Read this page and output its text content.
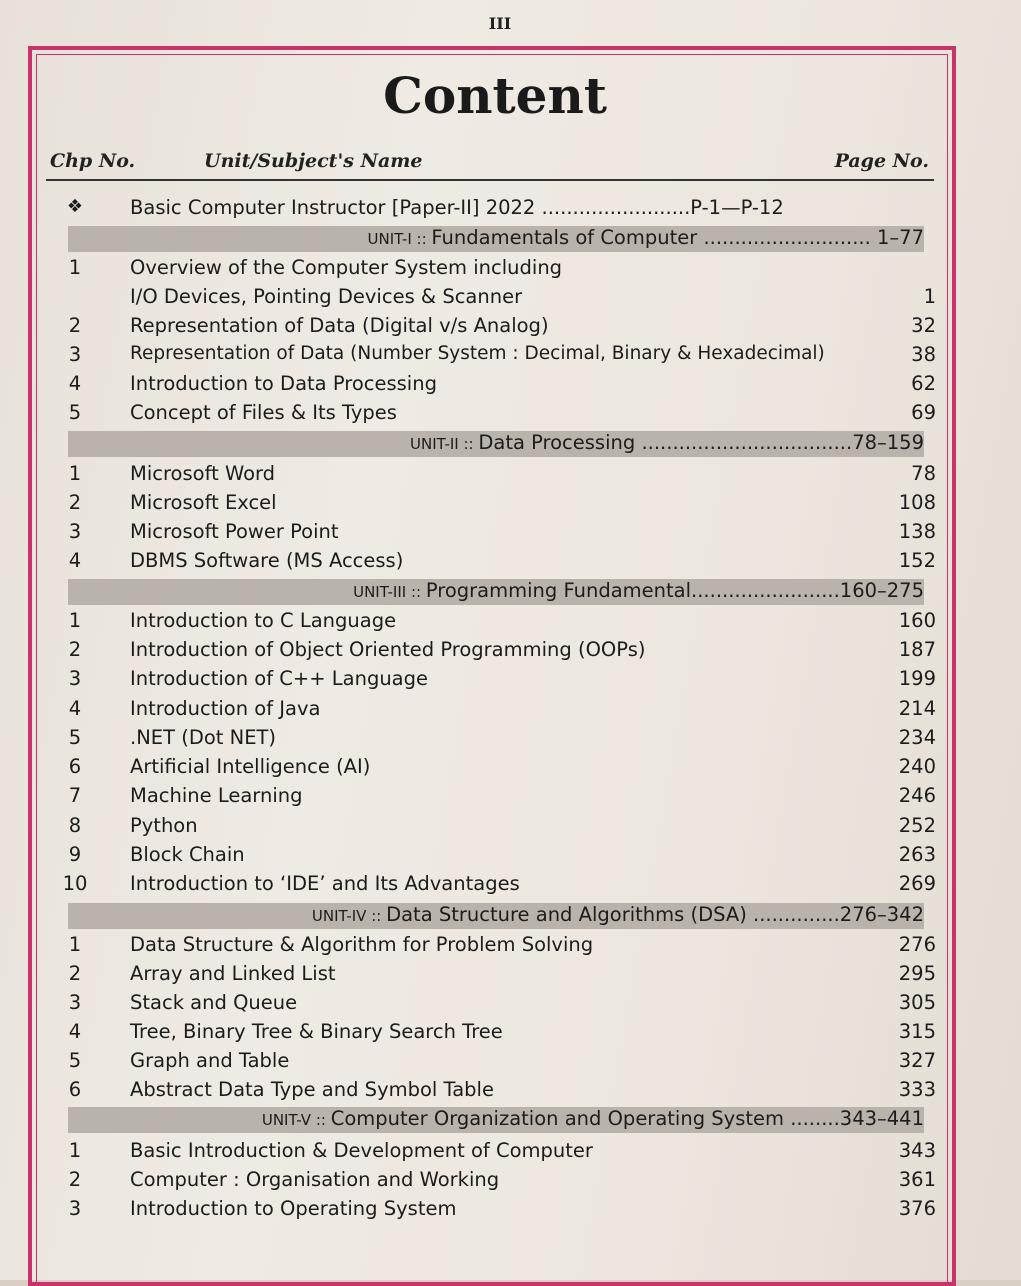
III
Content
Chp No.	Unit/Subject's Name	Page No.
❖	Basic Computer Instructor [Paper-II] 2022 ........................P-1—P-12
UNIT-I :: Fundamentals of Computer ........................... 1–77
1	Overview of the Computer System including
I/O Devices, Pointing Devices & Scanner	1
2	Representation of Data (Digital v/s Analog)	32
3	Representation of Data (Number System : Decimal, Binary & Hexadecimal)	38
4	Introduction to Data Processing	62
5	Concept of Files & Its Types	69
UNIT-II :: Data Processing ..................................78–159
1	Microsoft Word	78
2	Microsoft Excel	108
3	Microsoft Power Point	138
4	DBMS Software (MS Access)	152
UNIT-III :: Programming Fundamental........................160–275
1	Introduction to C Language	160
2	Introduction of Object Oriented Programming (OOPs)	187
3	Introduction of C++ Language	199
4	Introduction of Java	214
5	.NET (Dot NET)	234
6	Artificial Intelligence (AI)	240
7	Machine Learning	246
8	Python	252
9	Block Chain	263
10	Introduction to ‘IDE’ and Its Advantages	269
UNIT-IV :: Data Structure and Algorithms (DSA) ..............276–342
1	Data Structure & Algorithm for Problem Solving	276
2	Array and Linked List	295
3	Stack and Queue	305
4	Tree, Binary Tree & Binary Search Tree	315
5	Graph and Table	327
6	Abstract Data Type and Symbol Table	333
UNIT-V :: Computer Organization and Operating System ........343–441
1	Basic Introduction & Development of Computer	343
2	Computer : Organisation and Working	361
3	Introduction to Operating System	376
